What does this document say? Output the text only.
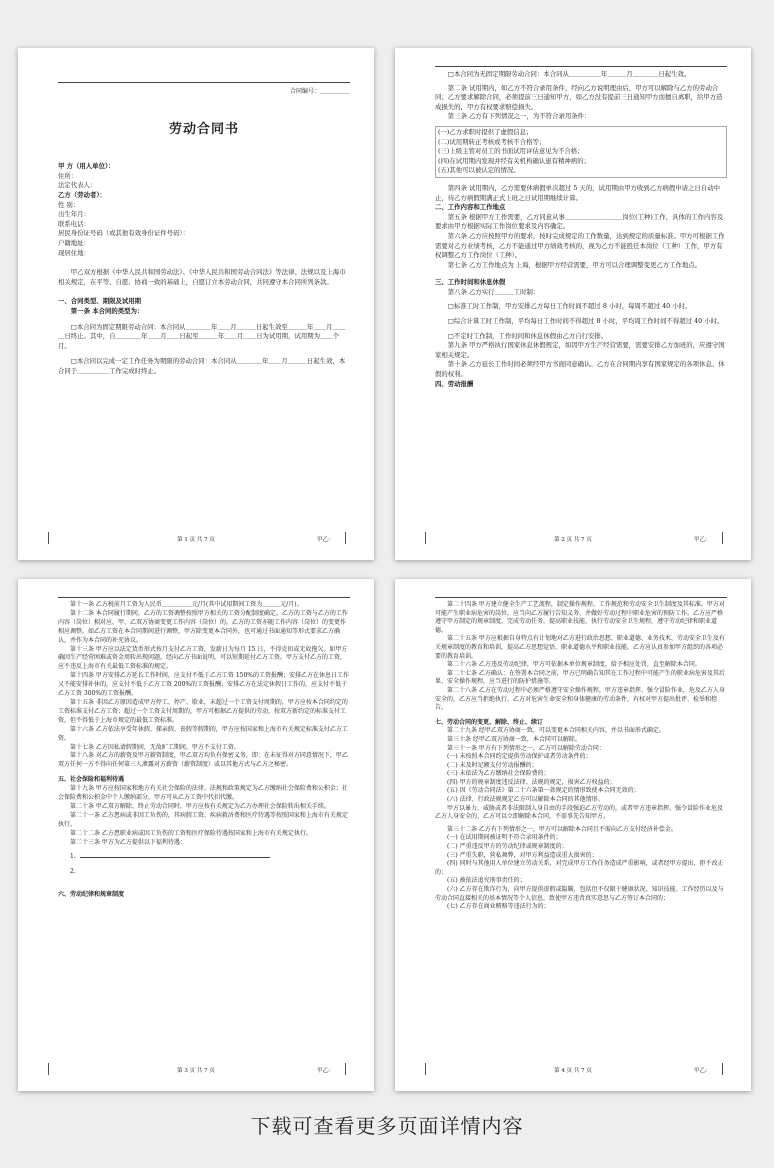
合同编号：＿＿＿＿＿
劳动合同书

甲 方（用人单位）：

住所：

法定代表人：

乙方（劳动者）：

性 别：

出生年月：

联系电话：

居民身份证号码（或其他有效身份证件号码）：

户籍地址：

现居住地：

甲乙双方根据《中华人民共和国劳动法》、《中华人民共和国劳动合同法》等法律、法规以及上海市相关规定，在平等、自愿、协商一致的基础上，自愿订立本劳动合同，共同遵守本合同所列条款。

一、合同类型、期限及试用期

第一条 本合同的类型为：

□本合同为固定期限劳动合同：本合同从＿＿＿＿年＿＿月＿＿＿日起生效至＿＿＿年＿＿月＿＿＿日终止。其中，自＿＿＿＿年＿＿月＿＿日起至＿＿＿年＿＿月＿＿日为试用期，试用期为＿＿个月。

□本合同以完成一定工作任务为期限的劳动合同：本合同从＿＿＿＿年＿＿月＿＿＿日起生效，本合同于＿＿＿＿＿工作完成时终止。

第 1 页 共 7 页	甲乙:

□本合同为无固定期限劳动合同：本合同从＿＿＿＿＿年＿＿＿月＿＿＿＿日起生效。

第二条 试用期内，如乙方不符合录用条件，经向乙方说明理由后，甲方可以解除与乙方的劳动合同；乙方要求解除合同，必须提前三日通知甲方，如乙方没有提前三日通知甲方而擅自离职，给甲方造成损失的，甲方有权要求赔偿损失。

第三条 乙方有下列情况之一，为不符合录用条件：

(一)乙方求职时提供了虚假信息；

(二)试用期转正考核或考核不合格等；

(三)上级主管对员工的书面试用评估意见为不合格；

(四)在试用期内发现并经有关机构确认患有精神病的；

(五)其他可以被认定的情况。

第四条 试用期内，乙方需要休病假单次超过 5 天的，试用期由甲方收到乙方病假申请之日自动中止，待乙方病假期满正式上班之日试用期继续计算。

二、工作内容和工作地点

第五条 根据甲方工作需要，乙方同意从事＿＿＿＿＿＿＿＿＿岗位(工种)工作，具体的工作内容及要求由甲方根据实际工作岗位要求及内容确定。

第六条 乙方应按照甲方的要求，按时完成规定的工作数量，达到规定的质量标准。甲方可根据工作需要对乙方业绩考核，乙方不能通过甲方绩效考核的，视为乙方不能胜任本岗位（工种）工作，甲方有权调整乙方工作岗位（工种）。

第七条 乙方工作地点为 上海，根据甲方经营需要，甲方可以合理调整变更乙方工作地点。

三、工作时间和休息休假

第八条 乙方实行＿＿＿工时制：

□标准工时工作制，甲方安排乙方每日工作时间不超过 8 小时，每周不超过 40 小时。

□综合计算工时工作制，平均每日工作时间不得超过 8 小时，平均周工作时间不得超过 40 小时。

□不定时工作制，工作时间和休息休假由乙方自行安排。

第九条 甲方严格执行国家休息休假规定，如因甲方生产经营需要，需要安排乙方加班的，应遵守国家相关规定。

第十条 乙方延长工作时间必须经甲方书面同意确认。乙方在合同期内享有国家规定的各项休息、休假的权利。

四、劳动报酬

第 2 页 共 7 页	甲乙:

第十一条 乙方税前月工资为人民币＿＿＿＿＿元/月(其中试用期间工资为＿＿＿元/月)。

第十二条 本合同履行期间，乙方的工资调整按照甲方相关的工资分配制度确定。乙方的工资与乙方的工作内容（岗位）相对应，甲、乙双方协商变更工作内容（岗位）的，乙方的工资亦随工作内容（岗位）的变更作相应调整。如乙方工资在本合同期间进行调整，甲方除变更本合同外，也可通过书面通知等形式要求乙方确认，并作为本合同的补充协议。

第十三条 甲方应以法定货币形式按月支付乙方工资，发薪日为每月 15 日，不得克扣或无故拖欠。如甲方确因生产经营困难或资金周转出现问题，经向乙方书面说明，可以短期延付乙方工资。甲方支付乙方的工资，应不违反上海市有关最低工资标准的规定。

第十四条 甲方安排乙方延长工作时间，应支付不低于乙方工资 150%的工资报酬；安排乙方在休息日工作又不能安排补休的，应支付不低于乙方工资 200%的工资报酬；安排乙方在法定休假日工作的，应支付不低于乙方工资 300%的工资报酬。

第十五条 非因乙方原因造成甲方停工、停产、歇业，未超过一个工资支付周期的，甲方应按本合同约定的工资标准支付乙方工资；超过一个工资支付周期的，甲方可根据乙方提供的劳动，按双方新约定的标准支付工资，但不得低于上海市规定的最低工资标准。

第十六条 乙方依法享受年休假、探亲假、丧假等假期的，甲方应按国家和上海市有关规定标准支付乙方工资。

第十七条 乙方因私请假期间，无故旷工期间，甲方不支付工资。

第十八条 对乙方的薪资及甲方薪资制度，甲乙双方均负有保密义务，即：在未征得对方同意情况下，甲乙双方任何一方不得向任何第三人泄露对方薪资（薪资制度）或以其他方式与乙方之秘密。

五、社会保险和福利待遇

第十九条 甲方应按国家和地方有关社会保险的法律、法规和政策规定为乙方缴纳社会保险费和公积金；社会保险费和公积金中个人缴纳部分，甲方可从乙方工资中代扣代缴。

第二十条 甲乙双方解除、终止劳动合同时，甲方应按有关规定为乙方办理社会保险转出相关手续。

第二十一条 乙方患病或非因工负伤的，其病假工资、疾病救济费和医疗待遇等按照国家和上海市有关规定执行。

第二十二条 乙方患职业病或因工负伤的工资和医疗保险待遇按国家和上海市有关规定执行。

第二十三条 甲方为乙方提供以下福利待遇：

1.

2.

六、劳动纪律和规章制度

第 3 页 共 7 页	甲乙:

第二十四条 甲方建立健全生产工艺流程，制定操作规程、工作规范和劳动安全卫生制度及其标准。甲方对可能产生职业病危害的岗位，应当向乙方履行告知义务，并做好劳动过程中职业危害的预防工作。乙方应严格遵守甲方制定的规章制度，完成劳动任务，提高职业技能，执行劳动安全卫生规程，遵守劳动纪律和职业道德。

第二十五条 甲方应根据自身特点有计划地对乙方进行政治思想、职业道德、业务技术、劳动安全卫生及有关规章制度的教育和培训，提高乙方思想觉悟、职业道德水平和职业技能。乙方应认真参加甲方组织的各项必要的教育培训。

第二十六条 乙方违反劳动纪律，甲方可依据本单位规章制度，给予相应处罚，直至解除本合同。

第二十七条 乙方确认：在签署本合同之前，甲方已明确告知其在工作过程中可能产生的职业病危害及其后果、安全操作规程，应当进行的防护措施等。

第二十八条 乙方在劳动过程中必须严格遵守安全操作规程，甲方违章指挥、强令冒险作业，危及乙方人身安全的，乙方应当拒绝执行。乙方对危害生命安全和身体健康的劳动条件，有权对甲方提出批评、检举和控告。

七、劳动合同的变更、解除、终止、续订

第二十九条 经甲乙双方协商一致，可以变更本合同相关内容，并以书面形式确定。

第三十条 经甲乙双方协商一致，本合同可以解除。

第三十一条 甲方有下列情形之一，乙方可以解除劳动合同：

(一) 未按照本合同约定提供劳动保护或者劳动条件的；

(二) 未及时足额支付劳动报酬的；

(三) 未依法为乙方缴纳社会保险费的；

(四) 甲方的规章制度违反法律、法规的规定，损害乙方权益的；

(五) 因《劳动合同法》第二十六条第一款规定的情形致使本合同无效的；

(六) 法律、行政法规规定乙方可以解除本合同的其他情形。

甲方以暴力、威胁或者非法限制人身自由的手段强迫乙方劳动的，或者甲方违章指挥、强令冒险作业危及乙方人身安全的，乙方可以立即解除本合同，不需事先告知甲方。

第三十二条 乙方有下列情形之一，甲方可以解除本合同且不需向乙方支付经济补偿金。

(一) 在试用期间被证明不符合录用条件的；

(二) 严重违反甲方的劳动纪律或规章制度的；

(三) 严重失职，营私舞弊，对甲方利益造成重大损害的；

(四) 同时与其他用人单位建立劳动关系，对完成甲方工作任务造成严重影响，或者经甲方提出，拒不改正的；

(五) 被依法追究刑事责任的；

(六) 乙方存在欺诈行为，向甲方提供虚假或隐瞒，包括但不仅限于健康状况、知识技能、工作经历以及与劳动合同直接相关的基本情况等个人信息，致使甲方违背真实意思与乙方签订本合同的；

(七) 乙方存在商业贿赂等违法行为的；

第 4 页 共 7 页	甲乙:
下载可查看更多页面详情内容
